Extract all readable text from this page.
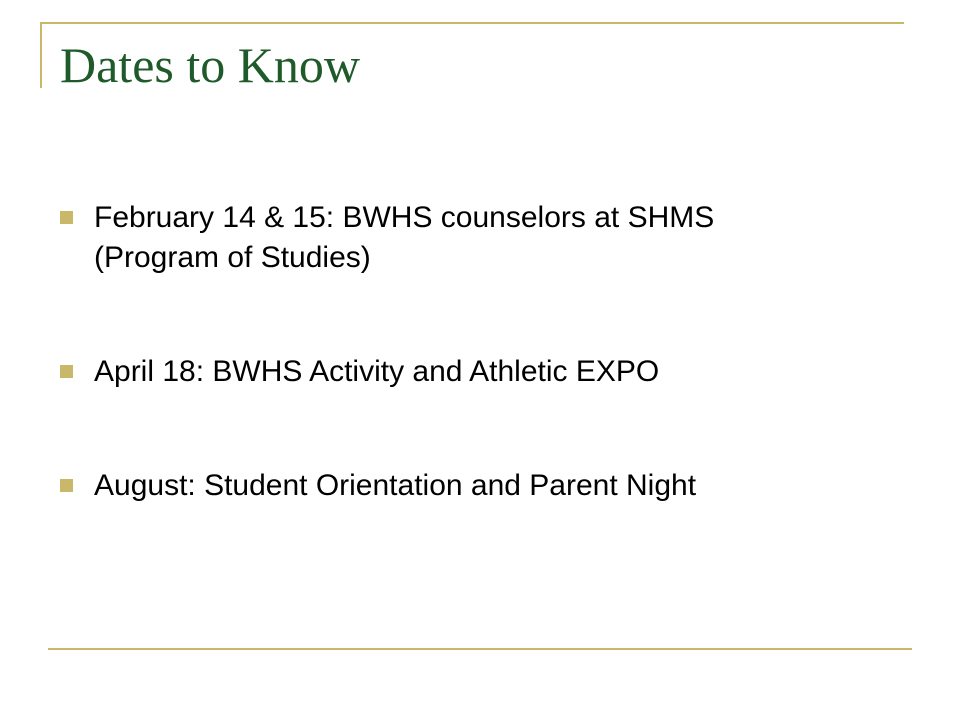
Dates to Know
February 14 & 15: BWHS counselors at SHMS (Program of Studies)
April 18: BWHS Activity and Athletic EXPO
August: Student Orientation and Parent Night
